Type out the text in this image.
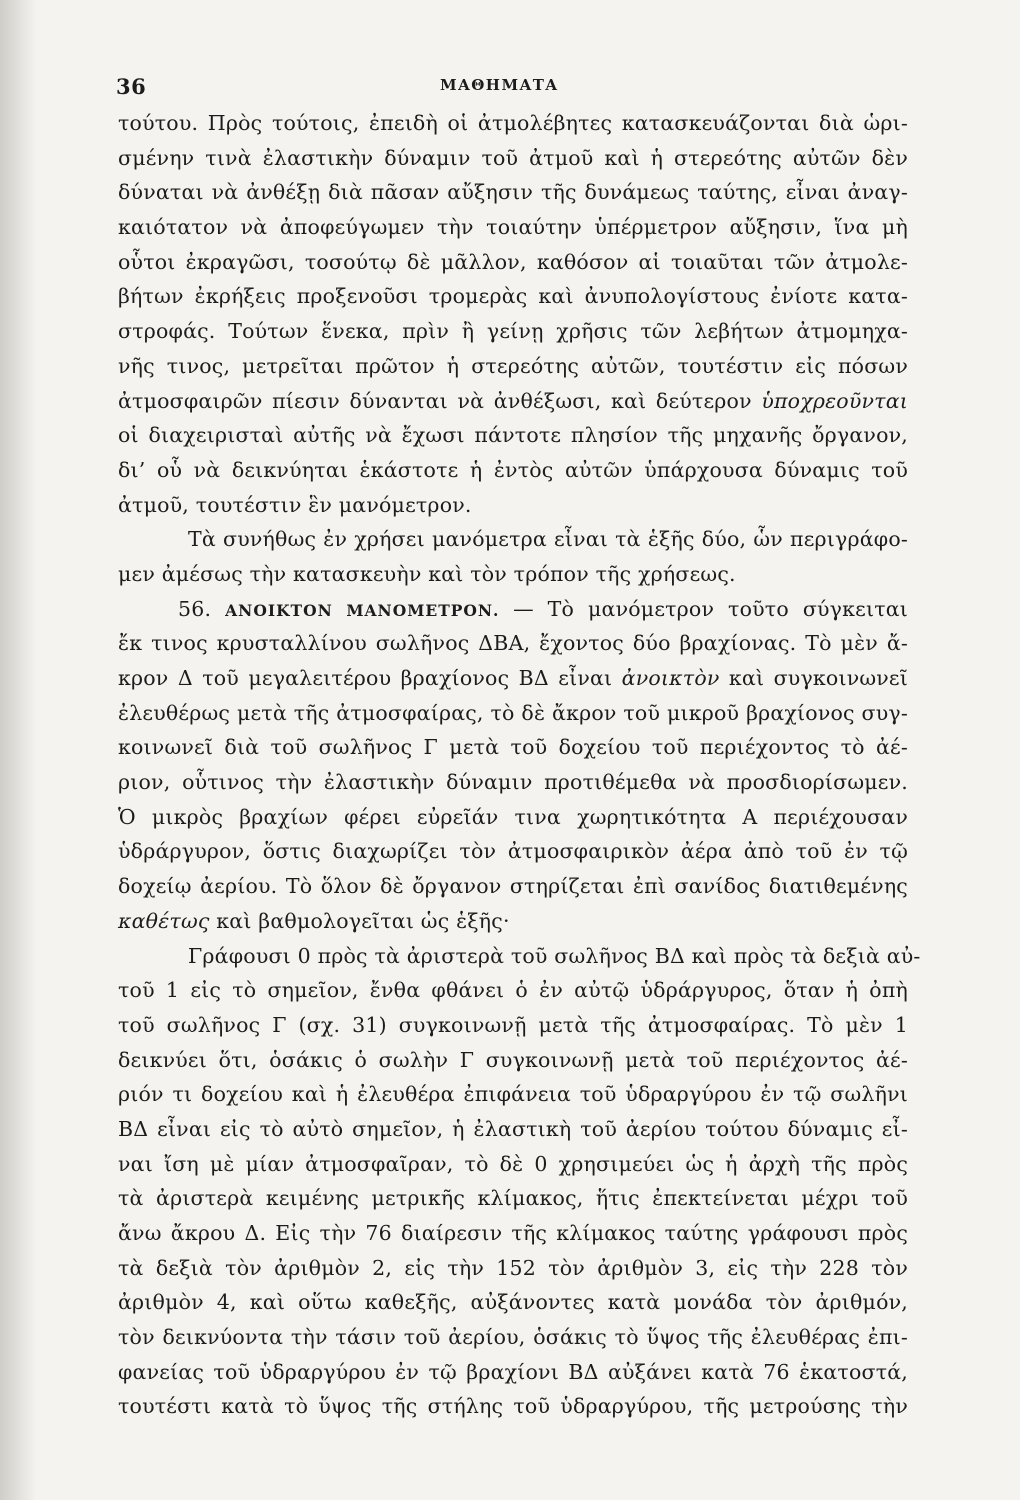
36	ΜΑΘΗΜΑΤΑ
τούτου. Πρὸς τούτοις, ἐπειδὴ οἱ ἀτμολέβητες κατασκευάζονται διὰ ὡρι-
σμένην τινὰ ἐλαστικὴν δύναμιν τοῦ ἀτμοῦ καὶ ἡ στερεότης αὐτῶν δὲν
δύναται νὰ ἀνθέξῃ διὰ πᾶσαν αὔξησιν τῆς δυνάμεως ταύτης, εἶναι ἀναγ-
καιότατον νὰ ἀποφεύγωμεν τὴν τοιαύτην ὑπέρμετρον αὔξησιν, ἵνα μὴ
οὗτοι ἐκραγῶσι, τοσούτῳ δὲ μᾶλλον, καθόσον αἱ τοιαῦται τῶν ἀτμολε-
βήτων ἐκρήξεις προξενοῦσι τρομερὰς καὶ ἀνυπολογίστους ἐνίοτε κατα-
στροφάς. Τούτων ἕνεκα, πρὶν ἢ γείνῃ χρῆσις τῶν λεβήτων ἀτμομηχα-
νῆς τινος, μετρεῖται πρῶτον ἡ στερεότης αὐτῶν, τουτέστιν εἰς πόσων
ἀτμοσφαιρῶν πίεσιν δύνανται νὰ ἀνθέξωσι, καὶ δεύτερον ὑποχρεοῦνται
οἱ διαχειρισταὶ αὐτῆς νὰ ἔχωσι πάντοτε πλησίον τῆς μηχανῆς ὄργανον,
δι’ οὗ νὰ δεικνύηται ἑκάστοτε ἡ ἐντὸς αὐτῶν ὑπάρχουσα δύναμις τοῦ
ἀτμοῦ, τουτέστιν ἓν μανόμετρον.
Τὰ συνήθως ἐν χρήσει μανόμετρα εἶναι τὰ ἑξῆς δύο, ὧν περιγράφο-
μεν ἀμέσως τὴν κατασκευὴν καὶ τὸν τρόπον τῆς χρήσεως.
56. ΑΝΟΙΚΤΟΝ ΜΑΝΟΜΕΤΡΟΝ. — Τὸ μανόμετρον τοῦτο σύγκειται
ἔκ τινος κρυσταλλίνου σωλῆνος ΔΒΑ, ἔχοντος δύο βραχίονας. Τὸ μὲν ἄ-
κρον Δ τοῦ μεγαλειτέρου βραχίονος ΒΔ εἶναι ἀνοικτὸν καὶ συγκοινωνεῖ
ἐλευθέρως μετὰ τῆς ἀτμοσφαίρας, τὸ δὲ ἄκρον τοῦ μικροῦ βραχίονος συγ-
κοινωνεῖ διὰ τοῦ σωλῆνος Γ μετὰ τοῦ δοχείου τοῦ περιέχοντος τὸ ἀέ-
ριον, οὗτινος τὴν ἐλαστικὴν δύναμιν προτιθέμεθα νὰ προσδιορίσωμεν.
Ὁ μικρὸς βραχίων φέρει εὐρεῖάν τινα χωρητικότητα Α περιέχουσαν
ὑδράργυρον, ὅστις διαχωρίζει τὸν ἀτμοσφαιρικὸν ἀέρα ἀπὸ τοῦ ἐν τῷ
δοχείῳ ἀερίου. Τὸ ὅλον δὲ ὄργανον στηρίζεται ἐπὶ σανίδος διατιθεμένης
καθέτως καὶ βαθμολογεῖται ὡς ἑξῆς·
Γράφουσι 0 πρὸς τὰ ἀριστερὰ τοῦ σωλῆνος ΒΔ καὶ πρὸς τὰ δεξιὰ αὐ-
τοῦ 1 εἰς τὸ σημεῖον, ἔνθα φθάνει ὁ ἐν αὐτῷ ὑδράργυρος, ὅταν ἡ ὀπὴ
τοῦ σωλῆνος Γ (σχ. 31) συγκοινωνῇ μετὰ τῆς ἀτμοσφαίρας. Τὸ μὲν 1
δεικνύει ὅτι, ὁσάκις ὁ σωλὴν Γ συγκοινωνῇ μετὰ τοῦ περιέχοντος ἀέ-
ριόν τι δοχείου καὶ ἡ ἐλευθέρα ἐπιφάνεια τοῦ ὑδραργύρου ἐν τῷ σωλῆνι
ΒΔ εἶναι εἰς τὸ αὐτὸ σημεῖον, ἡ ἐλαστικὴ τοῦ ἀερίου τούτου δύναμις εἶ-
ναι ἴση μὲ μίαν ἀτμοσφαῖραν, τὸ δὲ 0 χρησιμεύει ὡς ἡ ἀρχὴ τῆς πρὸς
τὰ ἀριστερὰ κειμένης μετρικῆς κλίμακος, ἥτις ἐπεκτείνεται μέχρι τοῦ
ἄνω ἄκρου Δ. Εἰς τὴν 76 διαίρεσιν τῆς κλίμακος ταύτης γράφουσι πρὸς
τὰ δεξιὰ τὸν ἀριθμὸν 2, εἰς τὴν 152 τὸν ἀριθμὸν 3, εἰς τὴν 228 τὸν
ἀριθμὸν 4, καὶ οὕτω καθεξῆς, αὐξάνοντες κατὰ μονάδα τὸν ἀριθμόν,
τὸν δεικνύοντα τὴν τάσιν τοῦ ἀερίου, ὁσάκις τὸ ὕψος τῆς ἐλευθέρας ἐπι-
φανείας τοῦ ὑδραργύρου ἐν τῷ βραχίονι ΒΔ αὐξάνει κατὰ 76 ἑκατοστά,
τουτέστι κατὰ τὸ ὕψος τῆς στήλης τοῦ ὑδραργύρου, τῆς μετρούσης τὴν
